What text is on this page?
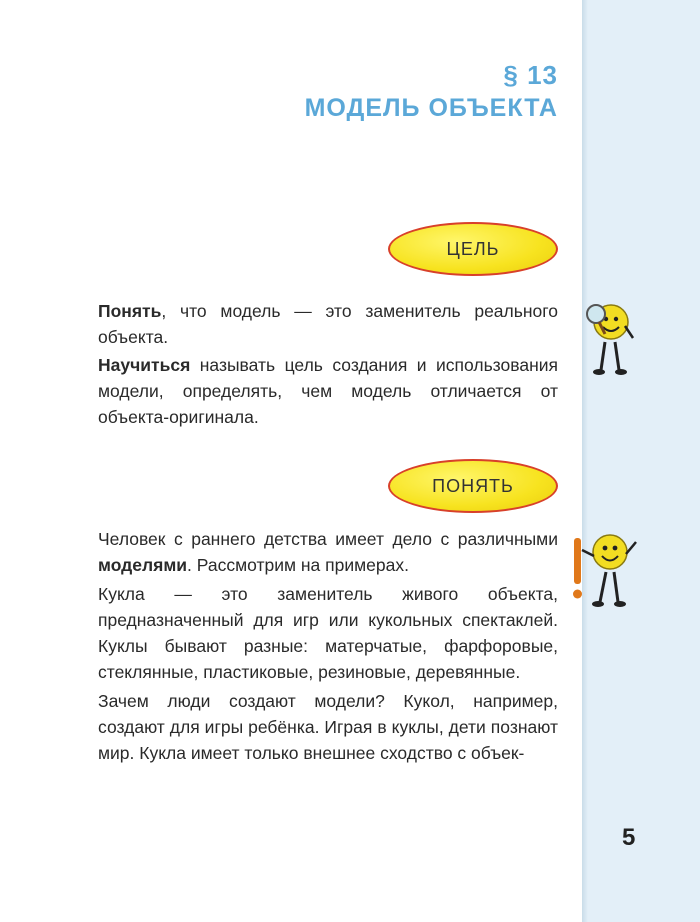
§ 13
МОДЕЛЬ ОБЪЕКТА
ЦЕЛЬ

Понять, что модель — это заменитель реального объекта.

Научиться называть цель создания и использования модели, определять, чем модель отличается от объекта-оригинала.

ПОНЯТЬ

Человек с раннего детства имеет дело с различными моделями. Рассмотрим на примерах.

Кукла — это заменитель живого объекта, предназначенный для игр или кукольных спектаклей. Куклы бывают разные: матерчатые, фарфоровые, стеклянные, пластиковые, резиновые, деревянные.

Зачем люди создают модели? Кукол, например, создают для игры ребёнка. Играя в куклы, дети познают мир. Кукла имеет только внешнее сходство с объек-

5
